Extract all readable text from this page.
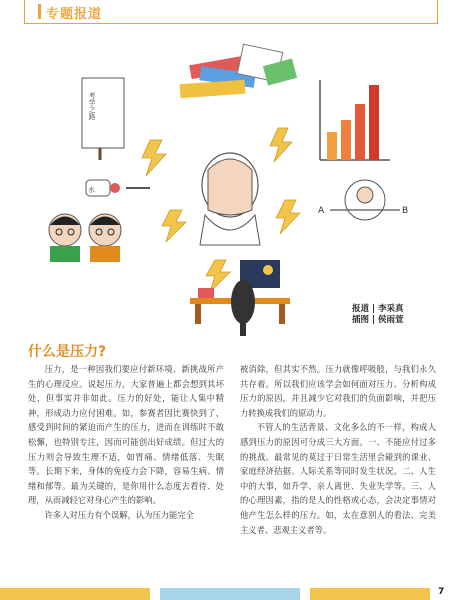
专题报道
考学之路
水
A	B
报道 | 李采真
插图 | 侯雨萱
什么是压力?

压力，是一种因我们要应付新环境、新挑战所产生的心理反应。说起压力，大家普遍上都会想到其坏处，但事实并非如此。压力的好处，能让人集中精神，形成动力应付困难。如，参赛者因比赛快到了，感受到时间的紧迫而产生的压力，进而在训练时不敢松懈，也特别专注，因而可能创出好成绩。但过大的压力则会导致生理不适，如胃痛、情绪低落、失眠等。长期下来，身体的免疫力会下降，容易生病、情绪和郁等。最为关键的，是你用什么态度去看待、处理，从而减轻它对身心产生的影响。

许多人对压力有个误解，认为压力能完全

被消除，但其实不然。压力就像呼吸般，与我们永久共存着。所以我们应该学会如何面对压力、分析构成压力的原因，并且减少它对我们的负面影响，并把压力转换成我们的原动力。

不管人的生活背景、文化多么的不一样，构成人感到压力的原因可分成三大方面。一、不能应付过多的挑战。最常见的莫过于日常生活里会碰到的课业、家庭经济拮据、人际关系等同时发生状况。二、人生中的大事，如升学、亲人离世、失业失学等。三、人的心理因素，指的是人的性格或心态，会决定事情对他产生怎么样的压力。如，太在意别人的看法、完美主义者、悲观主义者等。

7
